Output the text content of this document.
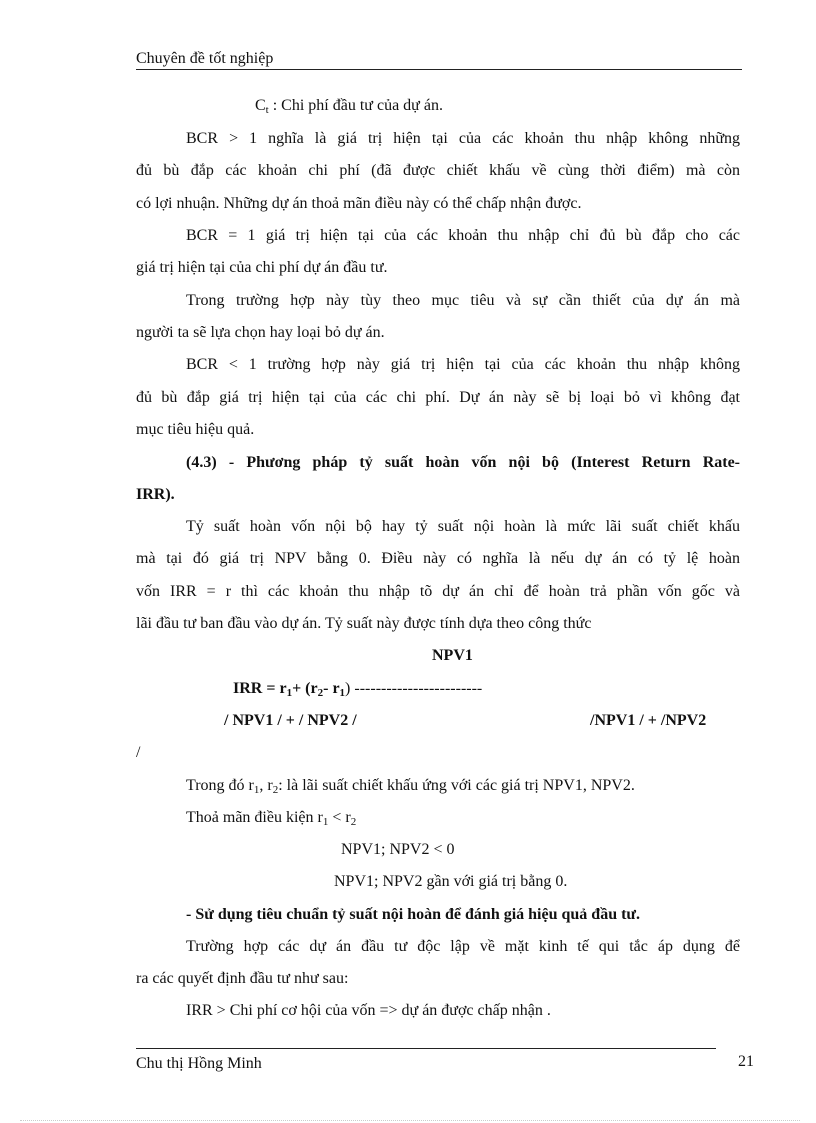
Chuyên đề tốt nghiệp
$C_t$ : Chi phí đầu tư của dự án.
BCR > 1 nghĩa là giá trị hiện tại của các khoản thu nhập không những
đủ bù đắp các khoản chi phí (đã được chiết khấu về cùng thời điểm) mà còn
có lợi nhuận. Những dự án thoả mãn điều này có thể chấp nhận được.
BCR = 1 giá trị hiện tại của các khoản thu nhập chỉ đủ bù đắp cho các
giá trị hiện tại của chi phí dự án đầu tư.
Trong trường hợp này tùy theo mục tiêu và sự cần thiết của dự án mà
người ta sẽ lựa chọn hay loại bỏ dự án.
BCR < 1 trường hợp này giá trị hiện tại của các khoản thu nhập không
đủ bù đắp giá trị hiện tại của các chi phí. Dự án này sẽ bị loại bỏ vì không đạt
mục tiêu hiệu quả.
(4.3) - Phương pháp tỷ suất hoàn vốn nội bộ (Interest Return Rate-
IRR).
Tỷ suất hoàn vốn nội bộ hay tỷ suất nội hoàn là mức lãi suất chiết khấu
mà tại đó giá trị NPV bằng 0. Điều này có nghĩa là nếu dự án có tỷ lệ hoàn
vốn IRR = r thì các khoản thu nhập tõ dự án chỉ để hoàn trả phần vốn gốc và
lãi đầu tư ban đầu vào dự án. Tỷ suất này được tính dựa theo công thức
NPV1
IRR = $r_1+ (r_2-$ $r_1$) ------------------------
/ NPV1 / + / NPV2 /	/NPV1 / + /NPV2
/
Trong đó $r_1$, $r_2$: là lãi suất chiết khấu ứng với các giá trị NPV1, NPV2.
Thoả mãn điều kiện $r_1 < r_2$
NPV1; NPV2 < 0
NPV1; NPV2 gần với giá trị bằng 0.
- Sử dụng tiêu chuẩn tỷ suất nội hoàn để đánh giá hiệu quả đầu tư.
Trường hợp các dự án đầu tư độc lập về mặt kinh tế qui tắc áp dụng để
ra các quyết định đầu tư như sau:
IRR > Chi phí cơ hội của vốn => dự án được chấp nhận .
Chu thị Hồng Minh	21
